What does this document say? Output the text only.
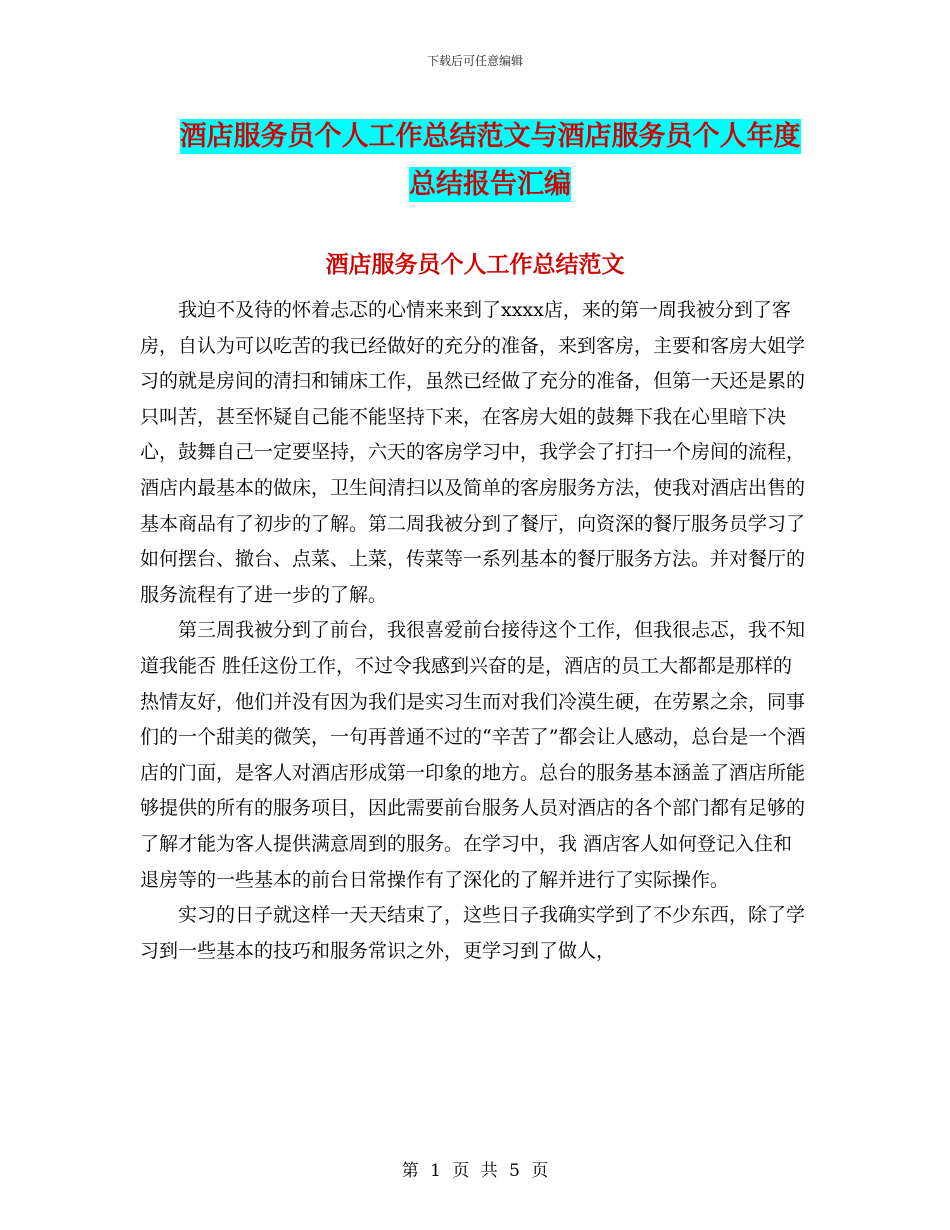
下载后可任意编辑
酒店服务员个人工作总结范文与酒店服务员个人年度
总结报告汇编
酒店服务员个人工作总结范文

我迫不及待的怀着忐忑的心情来来到了xxxx店，来的第一周我被分到了客房，自认为可以吃苦的我已经做好的充分的准备，来到客房，主要和客房大姐学习的就是房间的清扫和铺床工作，虽然已经做了充分的准备，但第一天还是累的只叫苦，甚至怀疑自己能不能坚持下来，在客房大姐的鼓舞下我在心里暗下决心，鼓舞自己一定要坚持，六天的客房学习中，我学会了打扫一个房间的流程，酒店内最基本的做床，卫生间清扫以及简单的客房服务方法，使我对酒店出售的基本商品有了初步的了解。第二周我被分到了餐厅，向资深的餐厅服务员学习了如何摆台、撤台、点菜、上菜，传菜等一系列基本的餐厅服务方法。并对餐厅的服务流程有了进一步的了解。

第三周我被分到了前台，我很喜爱前台接待这个工作，但我很忐忑，我不知道我能否 胜任这份工作，不过令我感到兴奋的是，酒店的员工大都都是那样的热情友好，他们并没有因为我们是实习生而对我们冷漠生硬，在劳累之余，同事们的一个甜美的微笑，一句再普通不过的“辛苦了”都会让人感动，总台是一个酒店的门面，是客人对酒店形成第一印象的地方。总台的服务基本涵盖了酒店所能够提供的所有的服务项目，因此需要前台服务人员对酒店的各个部门都有足够的了解才能为客人提供满意周到的服务。在学习中，我 酒店客人如何登记入住和退房等的一些基本的前台日常操作有了深化的了解并进行了实际操作。

实习的日子就这样一天天结束了，这些日子我确实学到了不少东西，除了学习到一些基本的技巧和服务常识之外，更学习到了做人，

第 1 页 共 5 页
